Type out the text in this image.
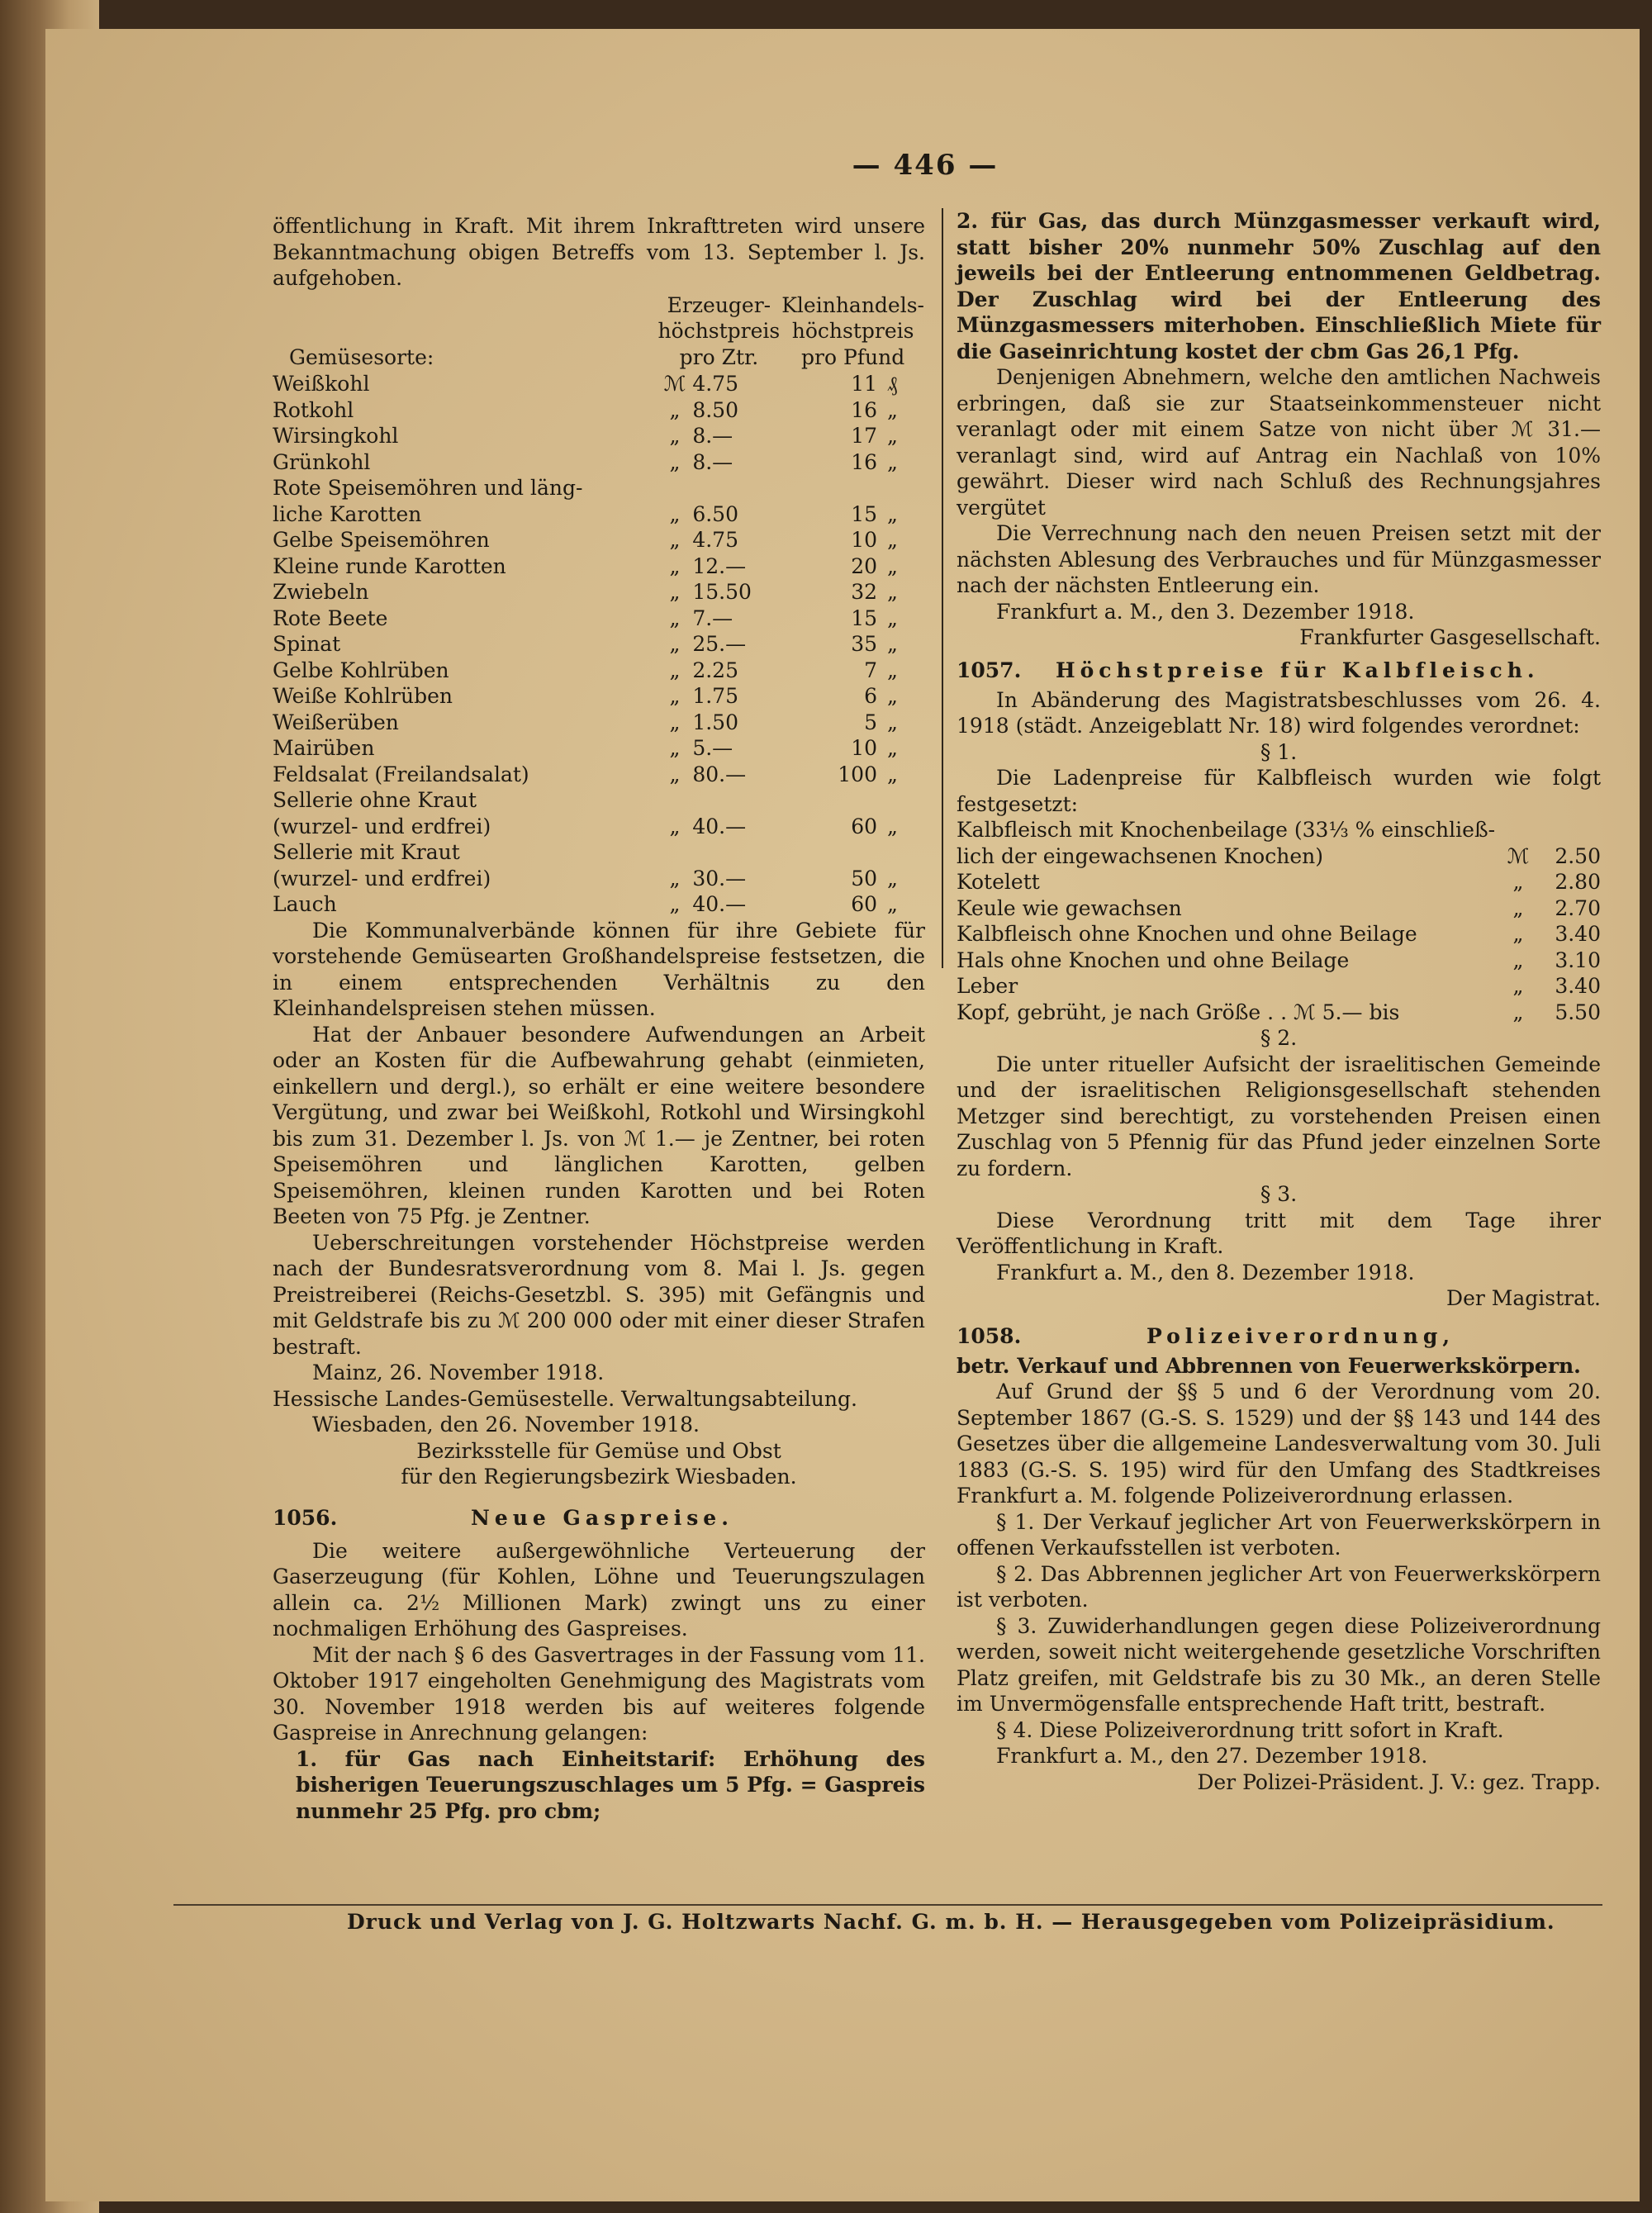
— 446 —

öffentlichung in Kraft. Mit ihrem Inkrafttreten wird unsere Bekanntmachung obigen Betreffs vom 13. September l. Js. aufgehoben.

Gemüsesorte:	Erzeuger-höchstpreis pro Ztr.		Kleinhandels-höchstpreis pro Pfund	
Weißkohl	ℳ	4.75	11	₰
Rotkohl	„	8.50	16	„
Wirsingkohl	„	8.—	17	„
Grünkohl	„	8.—	16	„
Rote Speisemöhren und läng-				
liche Karotten	„	6.50	15	„
Gelbe Speisemöhren	„	4.75	10	„
Kleine runde Karotten	„	12.—	20	„
Zwiebeln	„	15.50	32	„
Rote Beete	„	7.—	15	„
Spinat	„	25.—	35	„
Gelbe Kohlrüben	„	2.25	7	„
Weiße Kohlrüben	„	1.75	6	„
Weißerüben	„	1.50	5	„
Mairüben	„	5.—	10	„
Feldsalat (Freilandsalat)	„	80.—	100	„
Sellerie ohne Kraut				
(wurzel- und erdfrei)	„	40.—	60	„
Sellerie mit Kraut				
(wurzel- und erdfrei)	„	30.—	50	„
Lauch	„	40.—	60	„

Die Kommunalverbände können für ihre Gebiete für vorstehende Gemüsearten Großhandelspreise festsetzen, die in einem entsprechenden Verhältnis zu den Kleinhandelspreisen stehen müssen.

Hat der Anbauer besondere Aufwendungen an Arbeit oder an Kosten für die Aufbewahrung gehabt (einmieten, einkellern und dergl.), so erhält er eine weitere besondere Vergütung, und zwar bei Weißkohl, Rotkohl und Wirsingkohl bis zum 31. Dezember l. Js. von ℳ 1.— je Zentner, bei roten Speisemöhren und länglichen Karotten, gelben Speisemöhren, kleinen runden Karotten und bei Roten Beeten von 75 Pfg. je Zentner.

Ueberschreitungen vorstehender Höchstpreise werden nach der Bundesratsverordnung vom 8. Mai l. Js. gegen Preistreiberei (Reichs-Gesetzbl. S. 395) mit Gefängnis und mit Geldstrafe bis zu ℳ 200 000 oder mit einer dieser Strafen bestraft.

Mainz, 26. November 1918.

Hessische Landes-Gemüsestelle. Verwaltungsabteilung.

Wiesbaden, den 26. November 1918.

Bezirksstelle für Gemüse und Obst

für den Regierungsbezirk Wiesbaden.

1056.	Neue Gaspreise.

Die weitere außergewöhnliche Verteuerung der Gaserzeugung (für Kohlen, Löhne und Teuerungszulagen allein ca. 2½ Millionen Mark) zwingt uns zu einer nochmaligen Erhöhung des Gaspreises.

Mit der nach § 6 des Gasvertrages in der Fassung vom 11. Oktober 1917 eingeholten Genehmigung des Magistrats vom 30. November 1918 werden bis auf weiteres folgende Gaspreise in Anrechnung gelangen:

1. für Gas nach Einheitstarif: Erhöhung des bisherigen Teuerungszuschlages um 5 Pfg. = Gaspreis nunmehr 25 Pfg. pro cbm;

2. für Gas, das durch Münzgasmesser verkauft wird, statt bisher 20% nunmehr 50% Zuschlag auf den jeweils bei der Entleerung entnommenen Geldbetrag. Der Zuschlag wird bei der Entleerung des Münzgasmessers miterhoben. Einschließlich Miete für die Gaseinrichtung kostet der cbm Gas 26,1 Pfg.

Denjenigen Abnehmern, welche den amtlichen Nachweis erbringen, daß sie zur Staatseinkommensteuer nicht veranlagt oder mit einem Satze von nicht über ℳ 31.— veranlagt sind, wird auf Antrag ein Nachlaß von 10% gewährt. Dieser wird nach Schluß des Rechnungsjahres vergütet

Die Verrechnung nach den neuen Preisen setzt mit der nächsten Ablesung des Verbrauches und für Münzgasmesser nach der nächsten Entleerung ein.

Frankfurt a. M., den 3. Dezember 1918.

Frankfurter Gasgesellschaft.

1057. Höchstpreise für Kalbfleisch.

In Abänderung des Magistratsbeschlusses vom 26. 4. 1918 (städt. Anzeigeblatt Nr. 18) wird folgendes verordnet:

§ 1.

Die Ladenpreise für Kalbfleisch wurden wie folgt festgesetzt:

Kalbfleisch mit Knochenbeilage (33⅓ % einschließ-		
lich der eingewachsenen Knochen)	ℳ	2.50
Kotelett	„	2.80
Keule wie gewachsen	„	2.70
Kalbfleisch ohne Knochen und ohne Beilage	„	3.40
Hals ohne Knochen und ohne Beilage	„	3.10
Leber	„	3.40
Kopf, gebrüht, je nach Größe . . ℳ 5.— bis	„	5.50

§ 2.

Die unter ritueller Aufsicht der israelitischen Gemeinde und der israelitischen Religionsgesellschaft stehenden Metzger sind berechtigt, zu vorstehenden Preisen einen Zuschlag von 5 Pfennig für das Pfund jeder einzelnen Sorte zu fordern.

§ 3.

Diese Verordnung tritt mit dem Tage ihrer Veröffentlichung in Kraft.

Frankfurt a. M., den 8. Dezember 1918.

Der Magistrat.

1058.	Polizeiverordnung,

betr. Verkauf und Abbrennen von Feuerwerkskörpern.

Auf Grund der §§ 5 und 6 der Verordnung vom 20. September 1867 (G.-S. S. 1529) und der §§ 143 und 144 des Gesetzes über die allgemeine Landesverwaltung vom 30. Juli 1883 (G.-S. S. 195) wird für den Umfang des Stadtkreises Frankfurt a. M. folgende Polizeiverordnung erlassen.

§ 1. Der Verkauf jeglicher Art von Feuerwerkskörpern in offenen Verkaufsstellen ist verboten.

§ 2. Das Abbrennen jeglicher Art von Feuerwerkskörpern ist verboten.

§ 3. Zuwiderhandlungen gegen diese Polizeiverordnung werden, soweit nicht weitergehende gesetzliche Vorschriften Platz greifen, mit Geldstrafe bis zu 30 Mk., an deren Stelle im Unvermögensfalle entsprechende Haft tritt, bestraft.

§ 4. Diese Polizeiverordnung tritt sofort in Kraft.

Frankfurt a. M., den 27. Dezember 1918.

Der Polizei-Präsident. J. V.: gez. Trapp.

Druck und Verlag von J. G. Holtzwarts Nachf. G. m. b. H. — Herausgegeben vom Polizeipräsidium.
